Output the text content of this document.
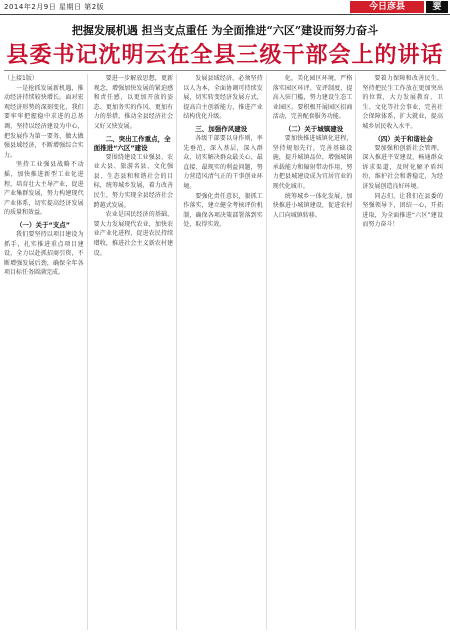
2014年2月9日 星期日 第2版	今日彦县	要
把握发展机遇 担当支点重任 为全面推进“六区”建设而努力奋斗
县委书记沈明云在全县三级干部会上的讲话

（上接1版）

一是抢抓发展新机遇，推动经济持续较快增长。面对宏观经济形势的深刻变化，我们要牢牢把握稳中求进的总基调，坚持以经济建设为中心，把发展作为第一要务，做大做强县域经济，不断增强综合实力。

坚持工业强县战略不动摇，加快推进新型工业化进程，培育壮大主导产业，促进产业集群发展，努力构建现代产业体系，切实提高经济发展的质量和效益。

（一）关于“支点”

我们要坚持以项目建设为抓手，扎实推进重点项目建设，全力以赴抓招商引资，不断增强发展后劲，确保全年各项目标任务圆满完成。

要进一步解放思想，更新观念，增强加快发展的紧迫感和责任感，以更加开放的姿态、更加务实的作风、更加有力的举措，推动全县经济社会又好又快发展。

二、突出工作重点，全面推进“六区”建设

要围绕建设工业强县、农业大县、旅游名县、文化强县、生态县和和谐社会的目标，统筹城乡发展，着力改善民生，努力实现全县经济社会跨越式发展。

农业是国民经济的基础，要大力发展现代农业，加快农业产业化进程，促进农民持续增收，推进社会主义新农村建设。

发展县域经济，必须坚持以人为本，全面协调可持续发展，切实转变经济发展方式，提高自主创新能力，推进产业结构优化升级。

三、加强作风建设

各级干部要以身作则，率先垂范，深入基层，深入群众，切实解决群众最关心、最直接、最现实的利益问题，努力营造风清气正的干事创业环境。

要强化责任意识，狠抓工作落实，建立健全考核评价机制，确保各项决策部署落到实处，取得实效。

化，美化园区环境，严格落实园区环评、安评制度，提高入驻门槛，努力建设生态工业园区。要积极开展园区招商活动，完善配套服务功能。

（二）关于城镇建设

要加快推进城镇化进程，坚持规划先行，完善基础设施，提升城镇品位，增强城镇承载能力和辐射带动作用，努力把县城建设成为宜居宜业的现代化城市。

统筹城乡一体化发展，加快推进小城镇建设，促进农村人口向城镇转移。

要着力保障和改善民生，坚持把民生工作放在更加突出的位置，大力发展教育、卫生、文化等社会事业，完善社会保障体系，扩大就业，提高城乡居民收入水平。

（四）关于和谐社会

要加强和创新社会管理，深入推进平安建设，畅通群众诉求渠道，及时化解矛盾纠纷，维护社会和谐稳定，为经济发展创造良好环境。

同志们，让我们在县委的坚强领导下，团结一心，开拓进取，为全面推进“六区”建设而努力奋斗！
